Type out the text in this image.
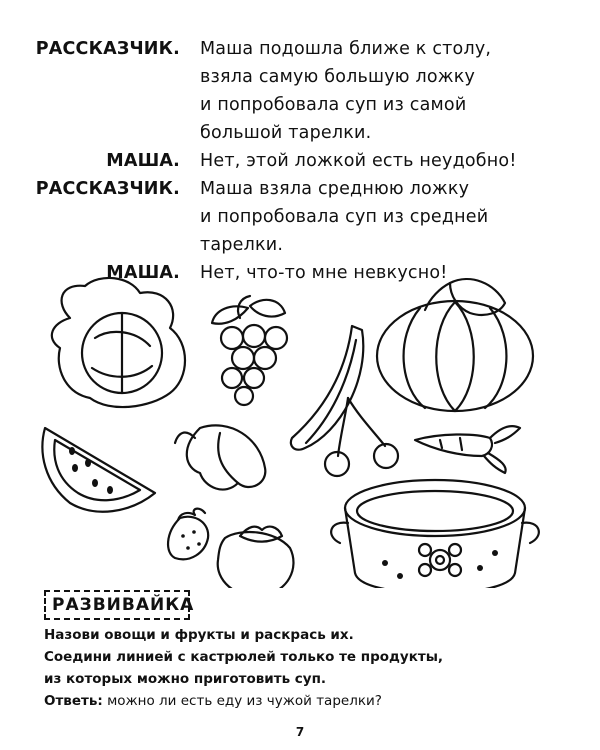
РАССКАЗЧИК. Маша подошла ближе к столу,
взяла самую большую ложку
и попробовала суп из самой
большой тарелки.
МАША. Нет, этой ложкой есть неудобно!
РАССКАЗЧИК. Маша взяла среднюю ложку
и попробовала суп из средней
тарелки.
МАША. Нет, что-то мне невкусно!
РАЗВИВАЙКА
Назови овощи и фрукты и раскрась их.
Соедини линией с кастрюлей только те продукты,
из которых можно приготовить суп.
Ответь: можно ли есть еду из чужой тарелки?
7
